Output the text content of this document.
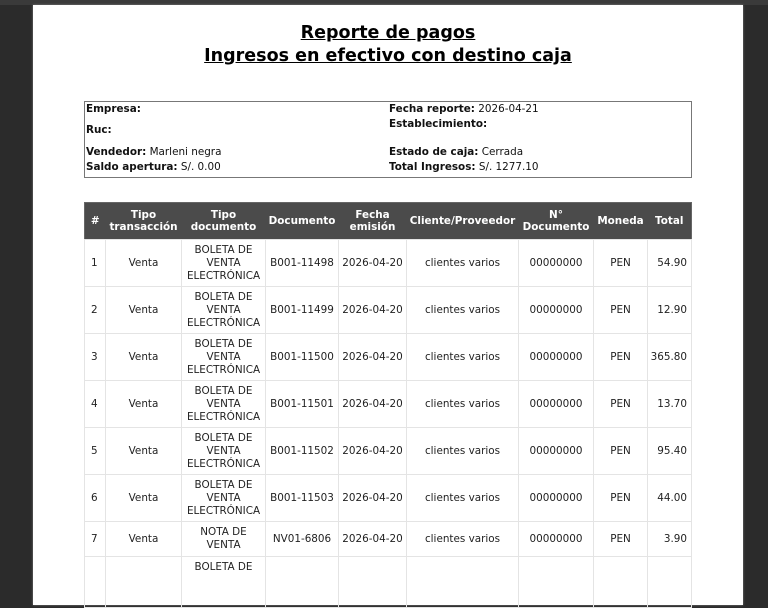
Reporte de pagos
Ingresos en efectivo con destino caja
Empresa:
Ruc:
Vendedor: Marleni negra
Saldo apertura: S/. 0.00
Fecha reporte: 2026-04-21
Establecimiento:
Estado de caja: Cerrada
Total Ingresos: S/. 1277.10
#	Tipo transacción	Tipo documento	Documento	Fecha emisión	Cliente/Proveedor	N° Documento	Moneda	Total
1	Venta	BOLETA DE VENTA ELECTRÓNICA	B001-11498	2026-04-20	clientes varios	00000000	PEN	54.90
2	Venta	BOLETA DE VENTA ELECTRÓNICA	B001-11499	2026-04-20	clientes varios	00000000	PEN	12.90
3	Venta	BOLETA DE VENTA ELECTRÓNICA	B001-11500	2026-04-20	clientes varios	00000000	PEN	365.80
4	Venta	BOLETA DE VENTA ELECTRÓNICA	B001-11501	2026-04-20	clientes varios	00000000	PEN	13.70
5	Venta	BOLETA DE VENTA ELECTRÓNICA	B001-11502	2026-04-20	clientes varios	00000000	PEN	95.40
6	Venta	BOLETA DE VENTA ELECTRÓNICA	B001-11503	2026-04-20	clientes varios	00000000	PEN	44.00
7	Venta	NOTA DE VENTA	NV01-6806	2026-04-20	clientes varios	00000000	PEN	3.90
		BOLETA DE						
